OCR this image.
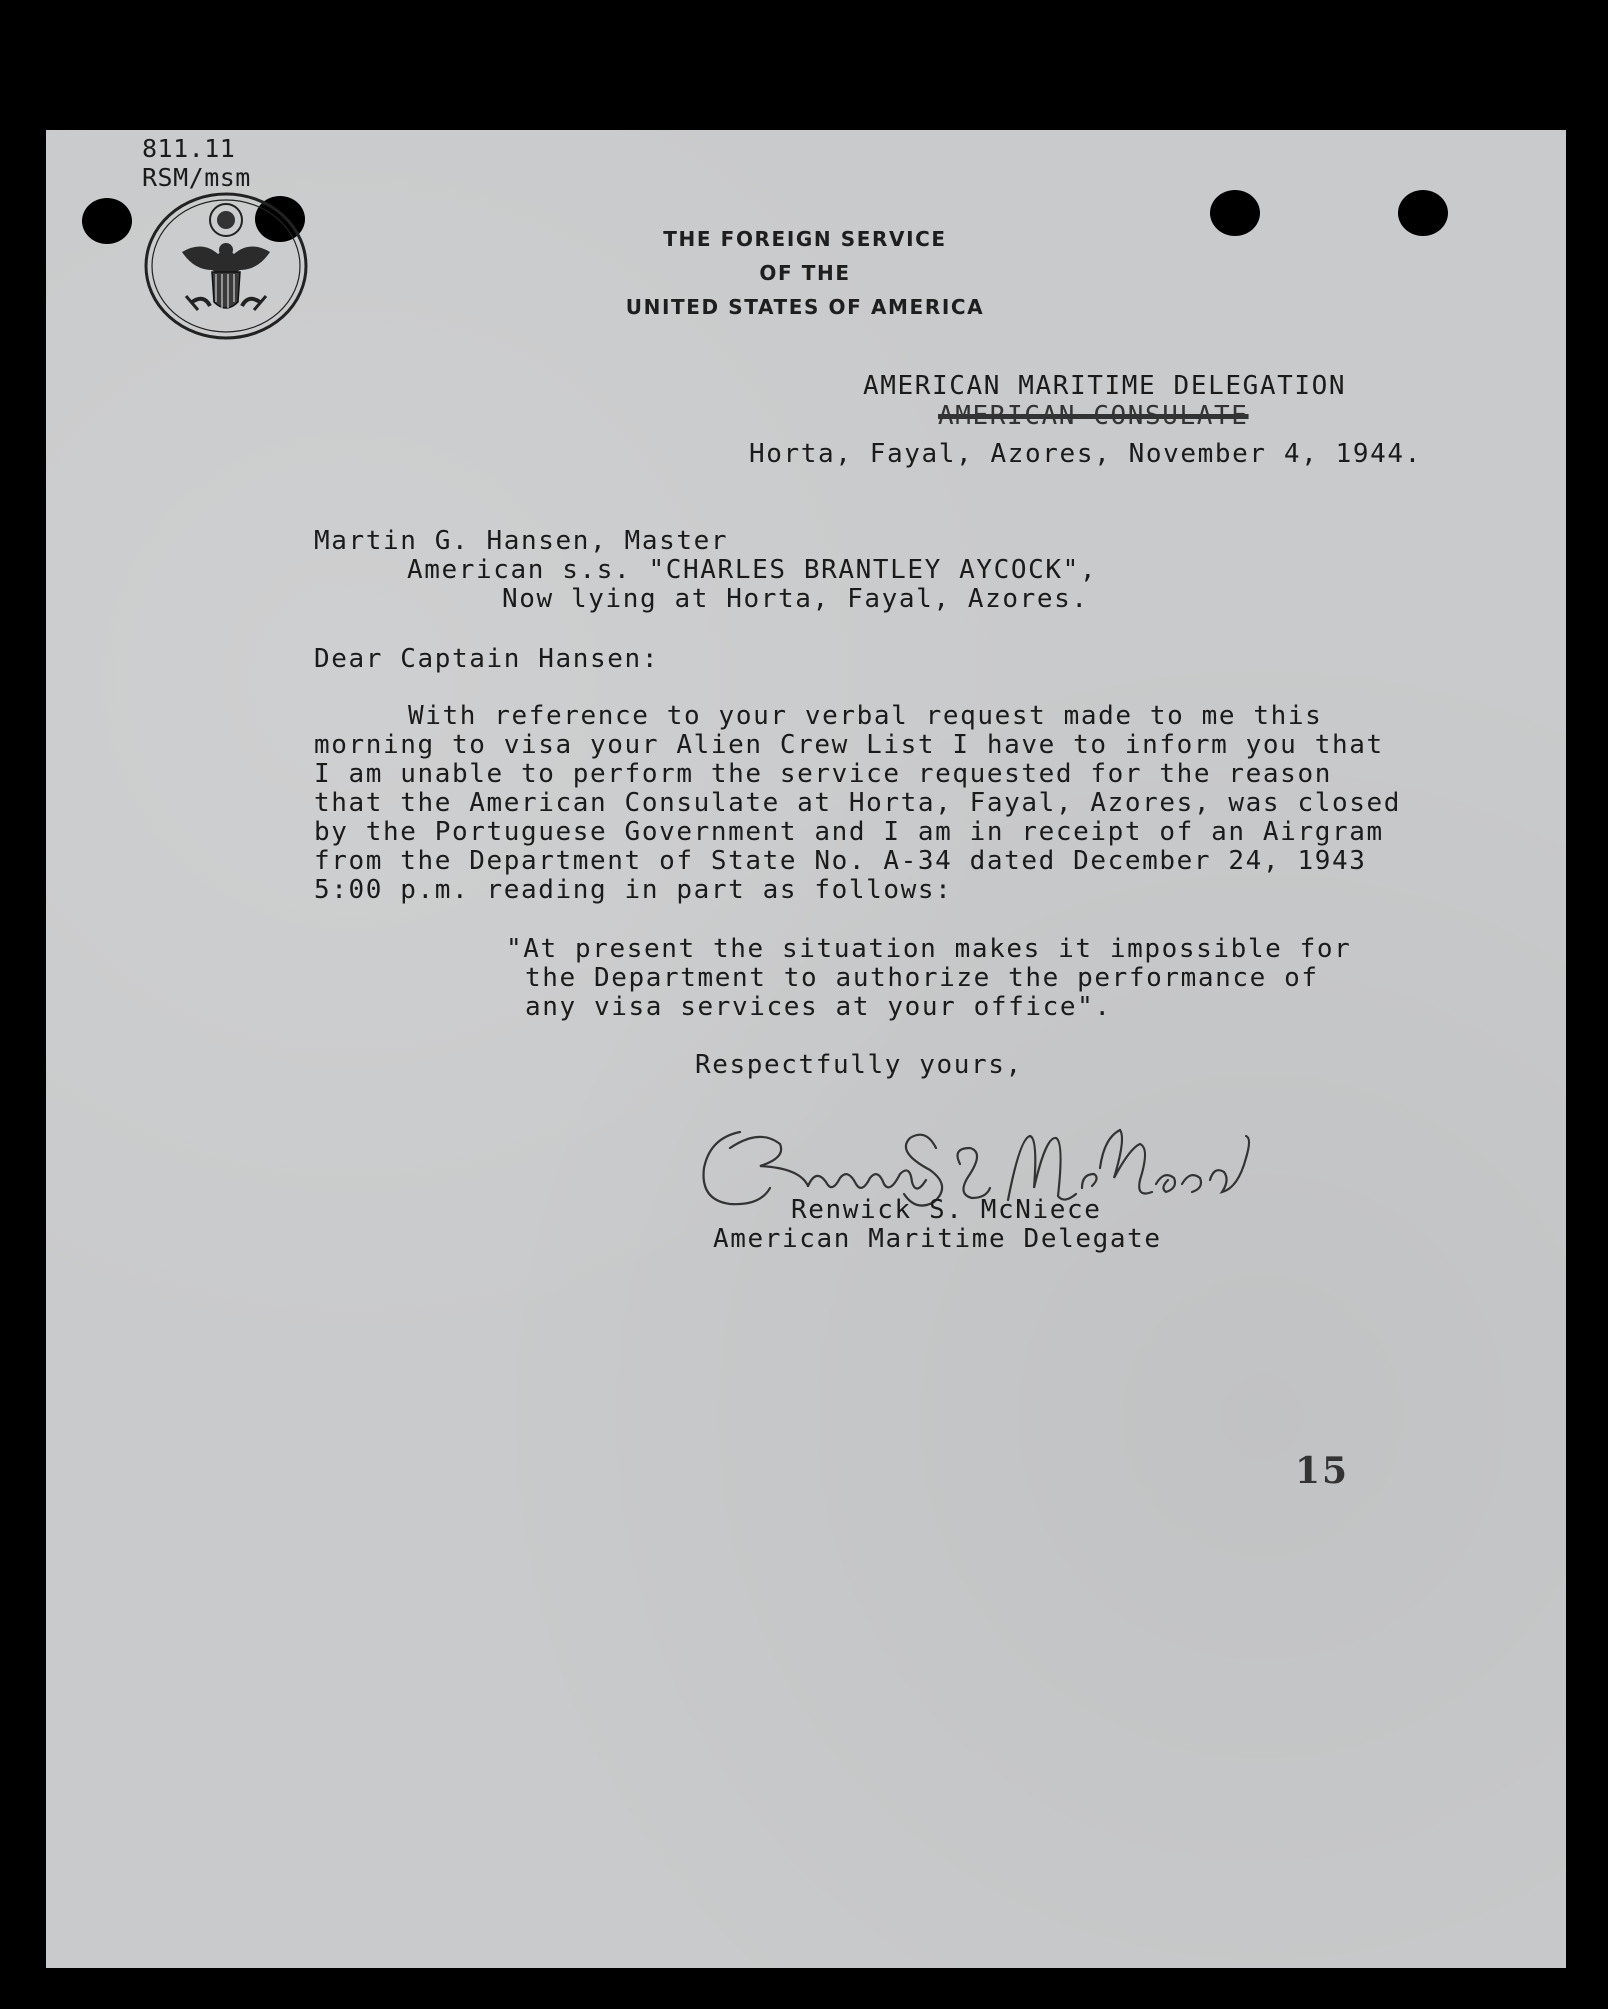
811.11
RSM/msm
THE FOREIGN SERVICE
OF THE
UNITED STATES OF AMERICA
AMERICAN MARITIME DELEGATION
AMERICAN CONSULATE
Horta, Fayal, Azores, November 4, 1944.
Martin G. Hansen, Master
American s.s. "CHARLES BRANTLEY AYCOCK",
Now lying at Horta, Fayal, Azores.
Dear Captain Hansen:
With reference to your verbal request made to me this
morning to visa your Alien Crew List I have to inform you that
I am unable to perform the service requested for the reason
that the American Consulate at Horta, Fayal, Azores, was closed
by the Portuguese Government and I am in receipt of an Airgram
from the Department of State No. A-34 dated December 24, 1943
5:00 p.m. reading in part as follows:
"At present the situation makes it impossible for
the Department to authorize the performance of
any visa services at your office".
Respectfully yours,
Renwick S. McNiece
American Maritime Delegate
15
